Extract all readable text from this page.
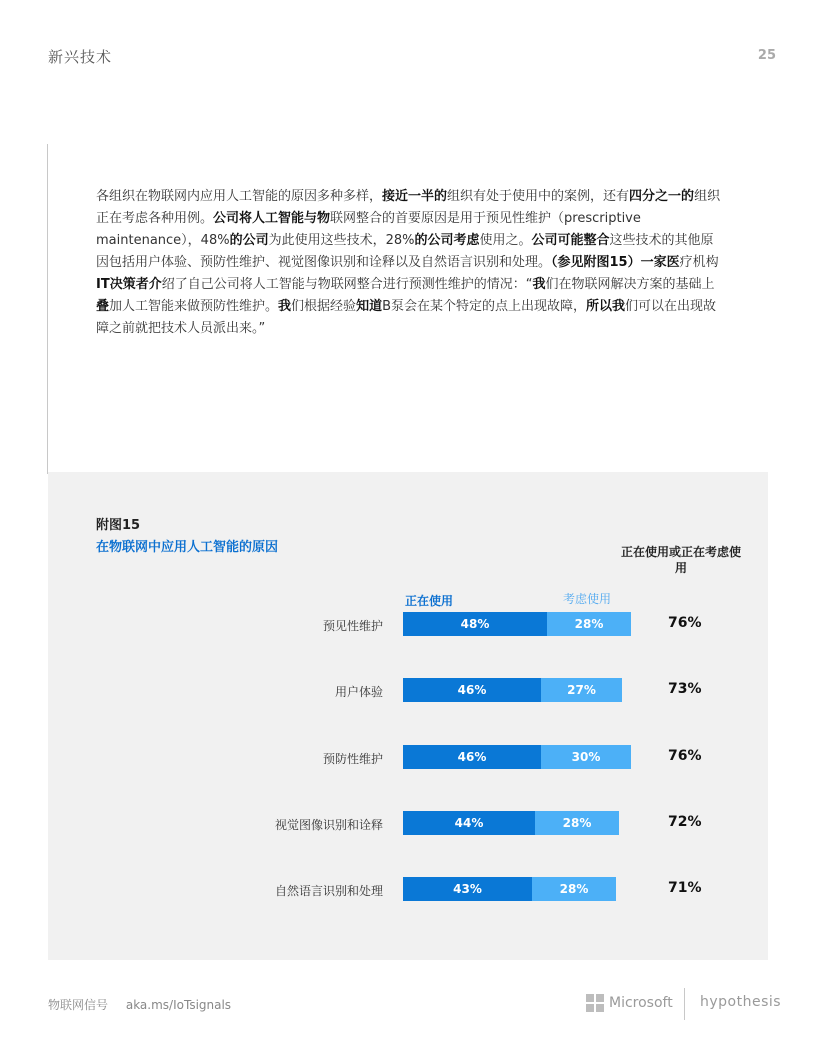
新兴技术	25
各组织在物联网内应用人工智能的原因多种多样，接近一半的组织有处于使用中的案例，还有四分之一的组织正在考虑各种用例。公司将人工智能与物联网整合的首要原因是用于预见性维护（prescriptive maintenance），48%的公司为此使用这些技术，28%的公司考虑使用之。公司可能整合这些技术的其他原因包括用户体验、预防性维护、视觉图像识别和诠释以及自然语言识别和处理。（参见附图15）一家医疗机构IT决策者介绍了自己公司将人工智能与物联网整合进行预测性维护的情况：“我们在物联网解决方案的基础上叠加人工智能来做预防性维护。我们根据经验知道B泵会在某个特定的点上出现故障，所以我们可以在出现故障之前就把技术人员派出来。”
附图15
在物联网中应用人工智能的原因	正在使用或正在考虑使用
正在使用	考虑使用
预见性维护	48%	28%	76%
用户体验	46%	27%	73%
预防性维护	46%	30%	76%
视觉图像识别和诠释	44%	28%	72%
自然语言识别和处理	43%	28%	71%
物联网信号 aka.ms/IoTsignals	Microsoft hypothesis
